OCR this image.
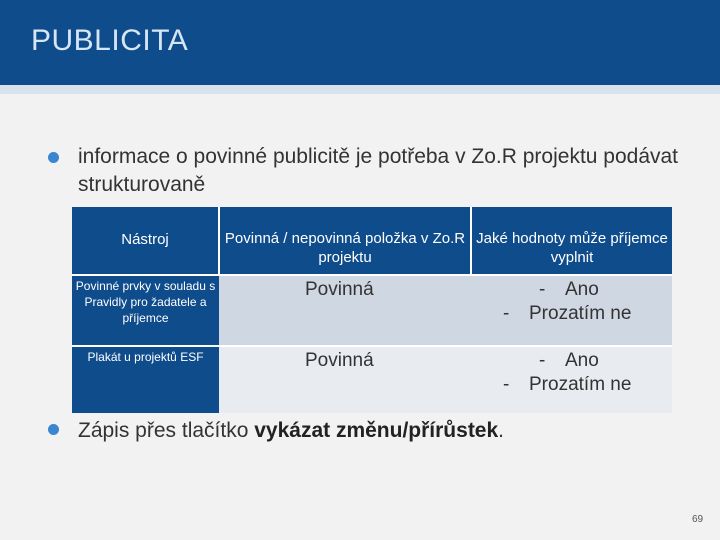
PUBLICITA
informace o povinné publicitě je potřeba v Zo.R projektu podávat strukturovaně
Nástroj	Povinná / nepovinná položka v Zo.R projektu	Jaké hodnoty může příjemce vyplnit
Povinné prvky v souladu s Pravidly pro žadatele a příjemce	Povinná	- Ano
- Prozatím ne

Plakát u projektů ESF	Povinná	- Ano
- Prozatím ne
Zápis přes tlačítko vykázat změnu/přírůstek.
69
